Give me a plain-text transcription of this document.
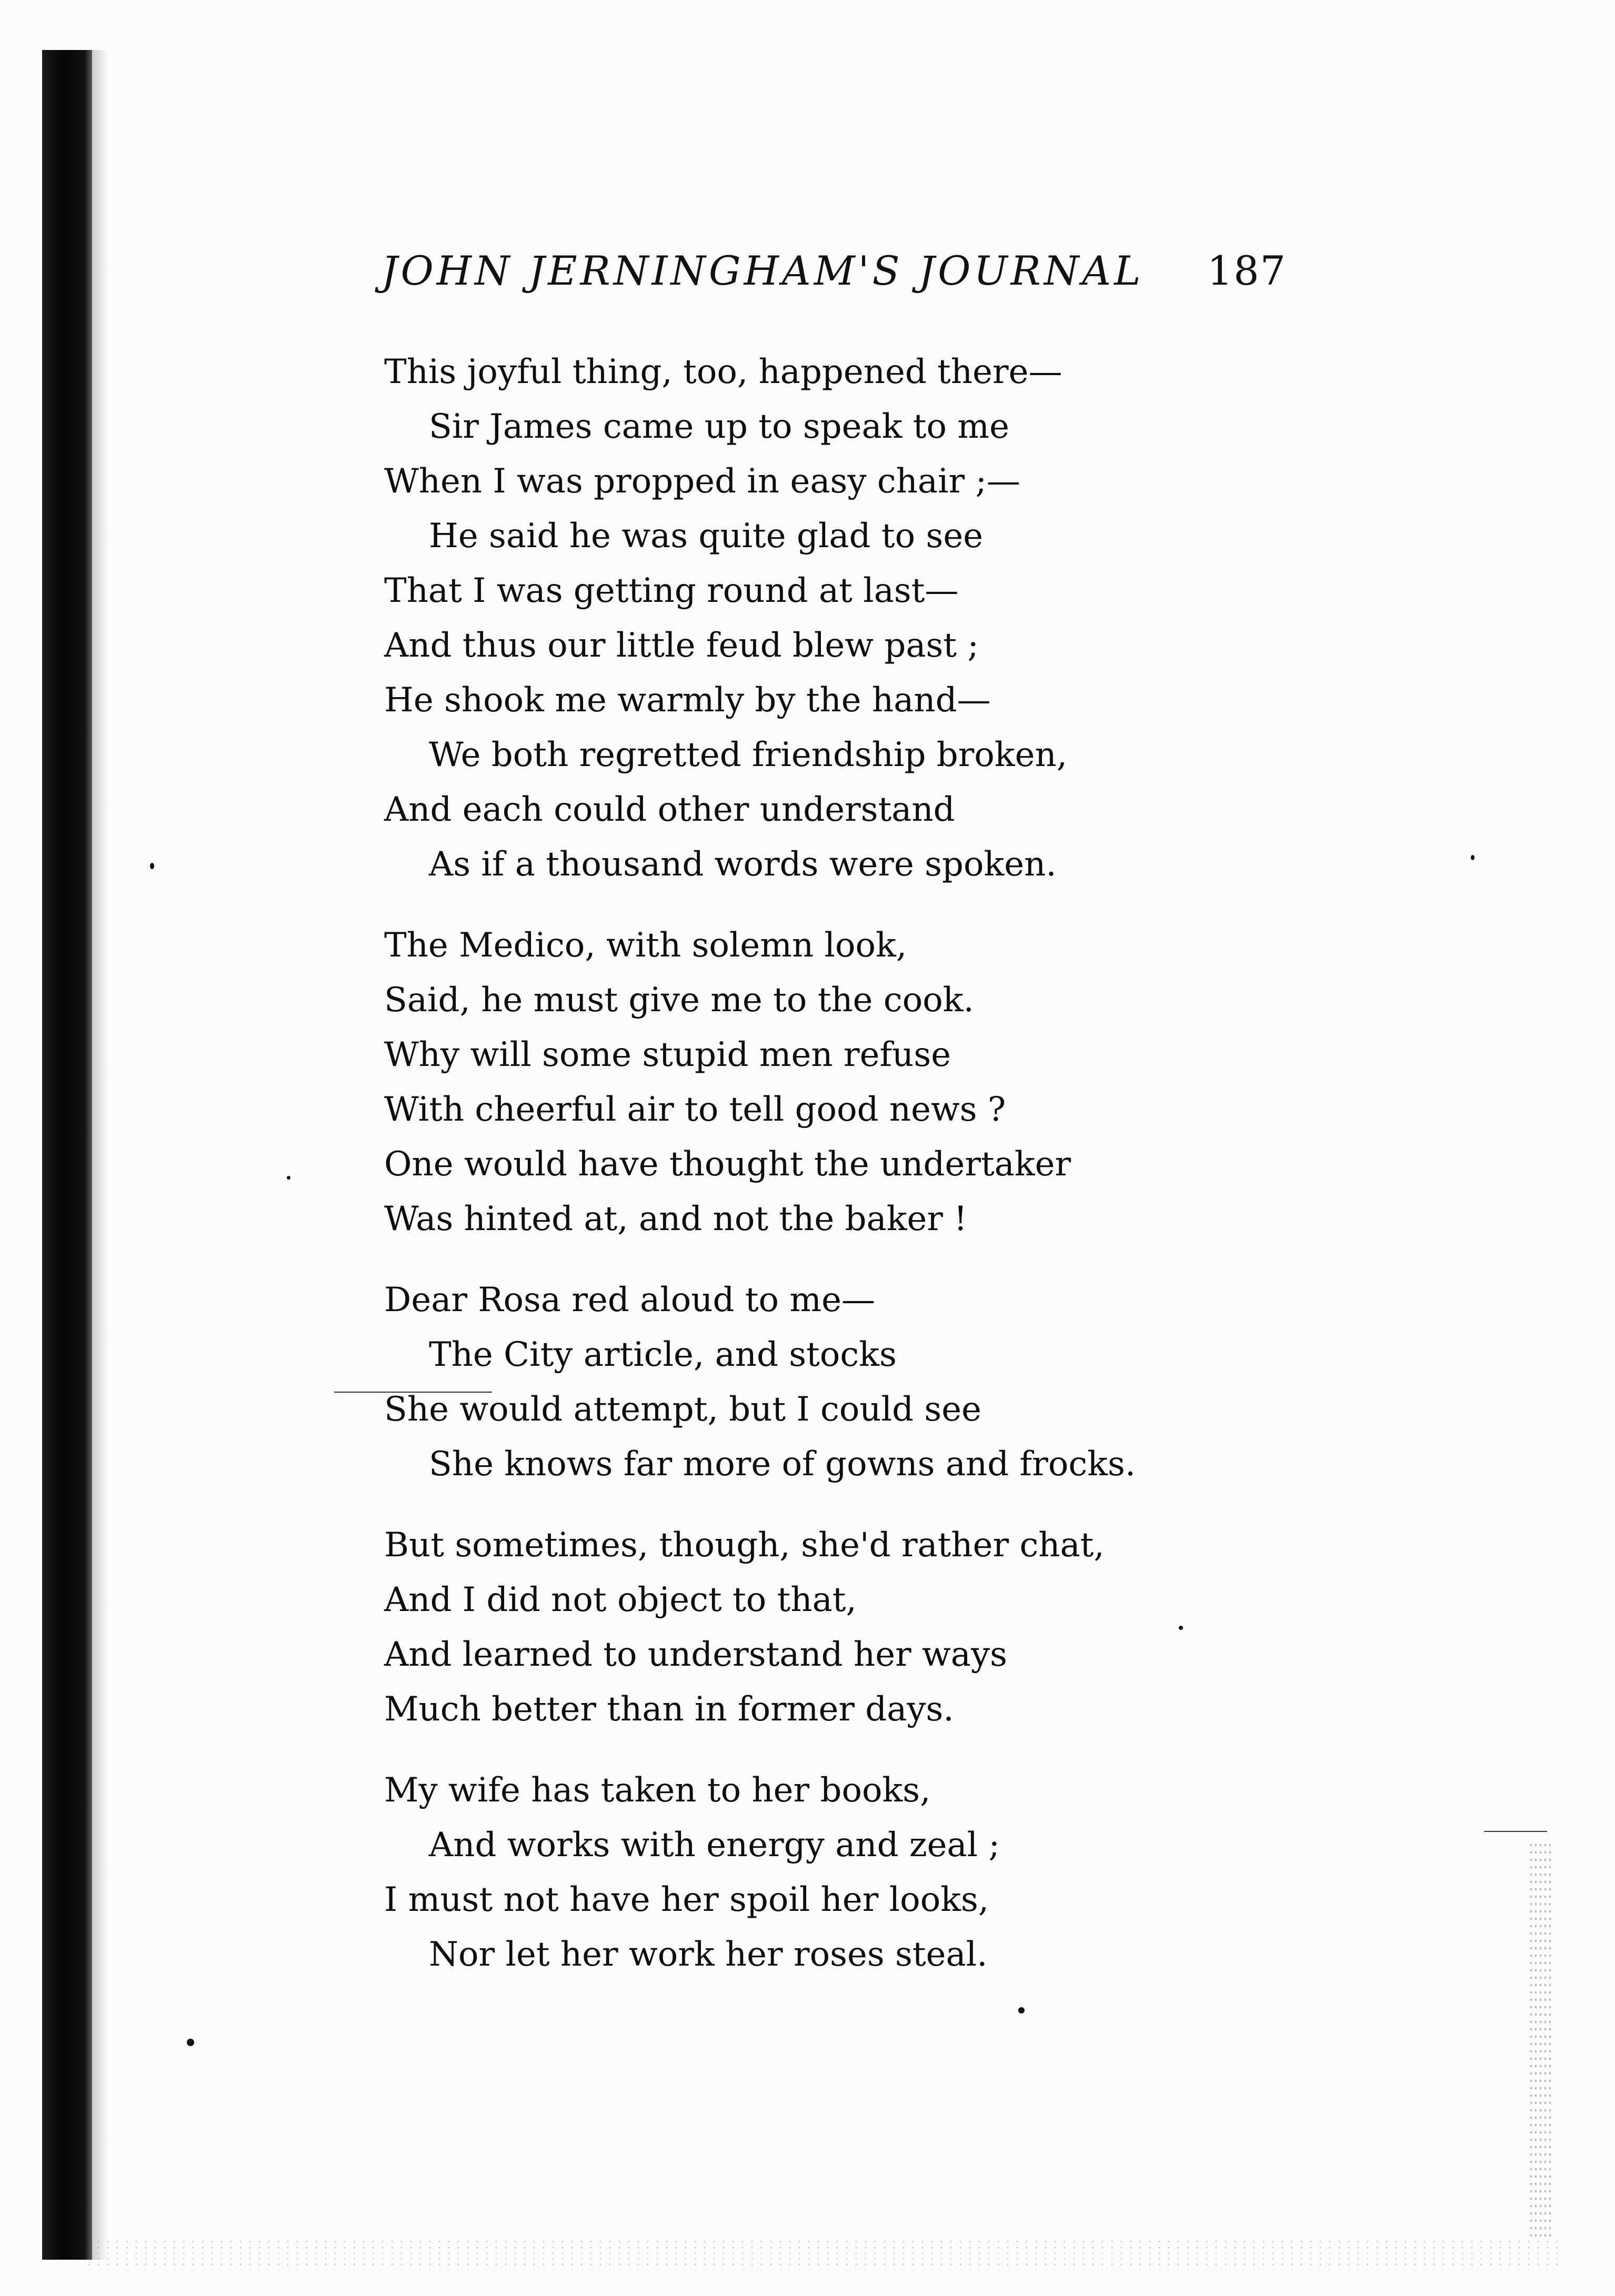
JOHN JERNINGHAM'S JOURNAL 187
This joyful thing, too, happened there—
Sir James came up to speak to me
When I was propped in easy chair ;—
He said he was quite glad to see
That I was getting round at last—
And thus our little feud blew past ;
He shook me warmly by the hand—
We both regretted friendship broken,
And each could other understand
As if a thousand words were spoken.
The Medico, with solemn look,
Said, he must give me to the cook.
Why will some stupid men refuse
With cheerful air to tell good news ?
One would have thought the undertaker
Was hinted at, and not the baker !
Dear Rosa red aloud to me—
The City article, and stocks
She would attempt, but I could see
She knows far more of gowns and frocks.
But sometimes, though, she'd rather chat,
And I did not object to that,
And learned to understand her ways
Much better than in former days.
My wife has taken to her books,
And works with energy and zeal ;
I must not have her spoil her looks,
Nor let her work her roses steal.
